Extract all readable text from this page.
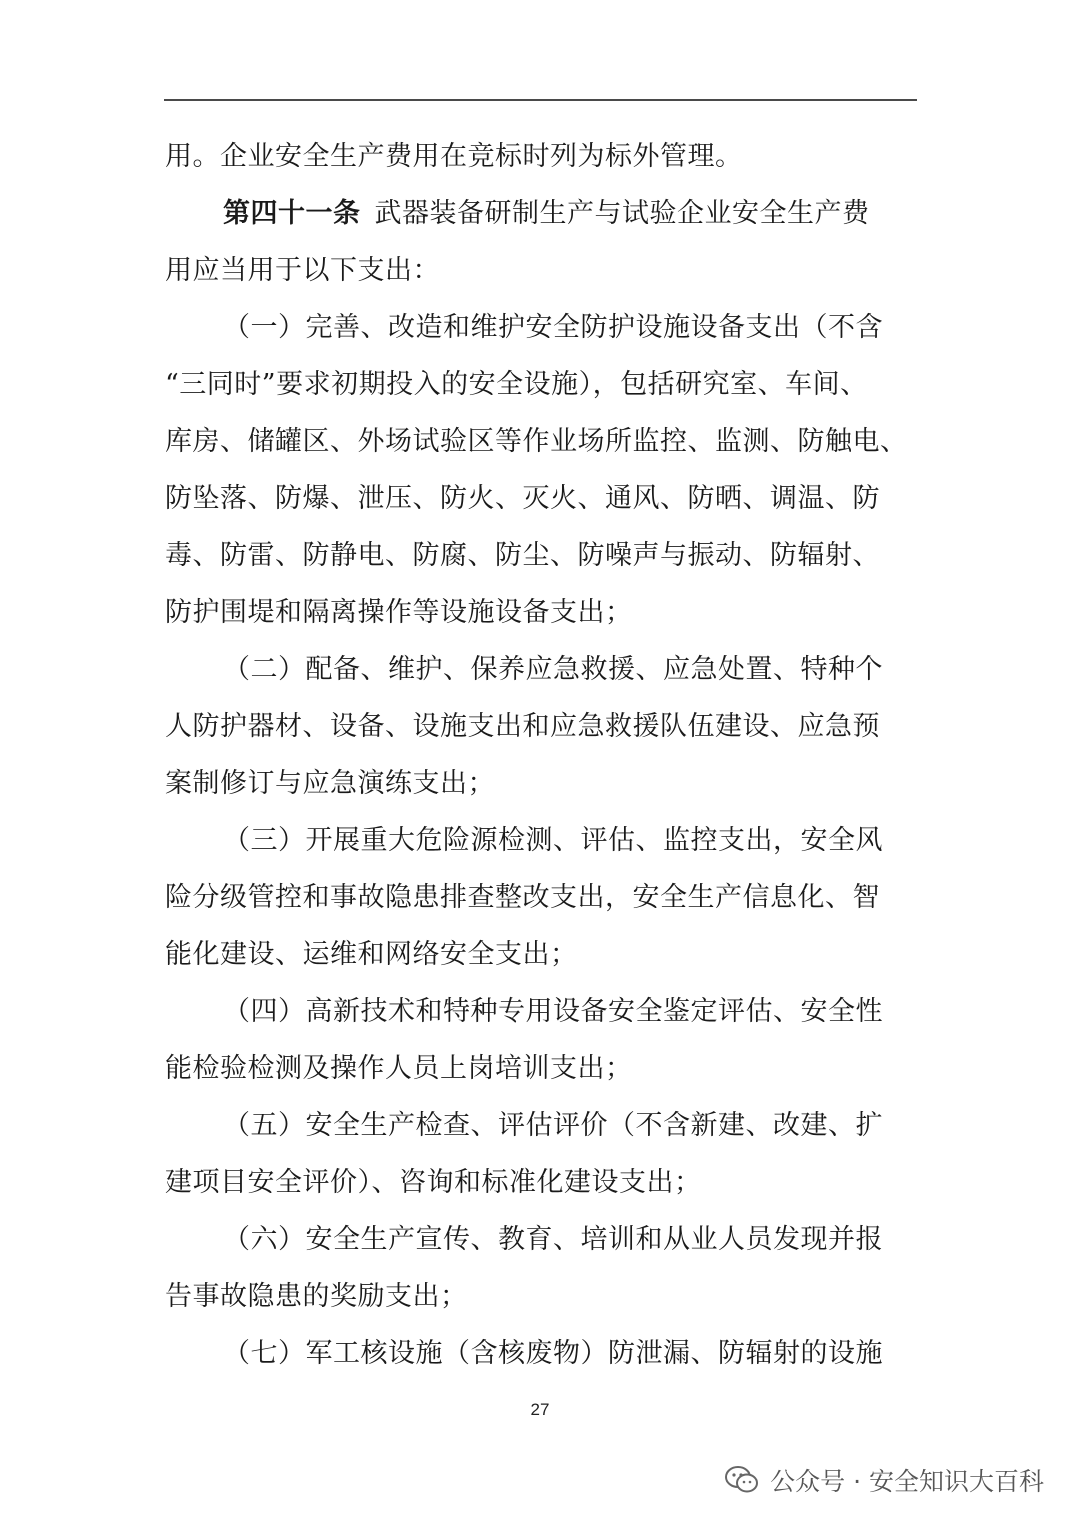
用。企业安全生产费用在竞标时列为标外管理。
第四十一条 武器装备研制生产与试验企业安全生产费
用应当用于以下支出：
（一）完善、改造和维护安全防护设施设备支出（不含
“三同时”要求初期投入的安全设施），包括研究室、车间、
库房、储罐区、外场试验区等作业场所监控、监测、防触电、
防坠落、防爆、泄压、防火、灭火、通风、防晒、调温、防
毒、防雷、防静电、防腐、防尘、防噪声与振动、防辐射、
防护围堤和隔离操作等设施设备支出；
（二）配备、维护、保养应急救援、应急处置、特种个
人防护器材、设备、设施支出和应急救援队伍建设、应急预
案制修订与应急演练支出；
（三）开展重大危险源检测、评估、监控支出，安全风
险分级管控和事故隐患排查整改支出，安全生产信息化、智
能化建设、运维和网络安全支出；
（四）高新技术和特种专用设备安全鉴定评估、安全性
能检验检测及操作人员上岗培训支出；
（五）安全生产检查、评估评价（不含新建、改建、扩
建项目安全评价）、咨询和标准化建设支出；
（六）安全生产宣传、教育、培训和从业人员发现并报
告事故隐患的奖励支出；
（七）军工核设施（含核废物）防泄漏、防辐射的设施
27
公众号 · 安全知识大百科
